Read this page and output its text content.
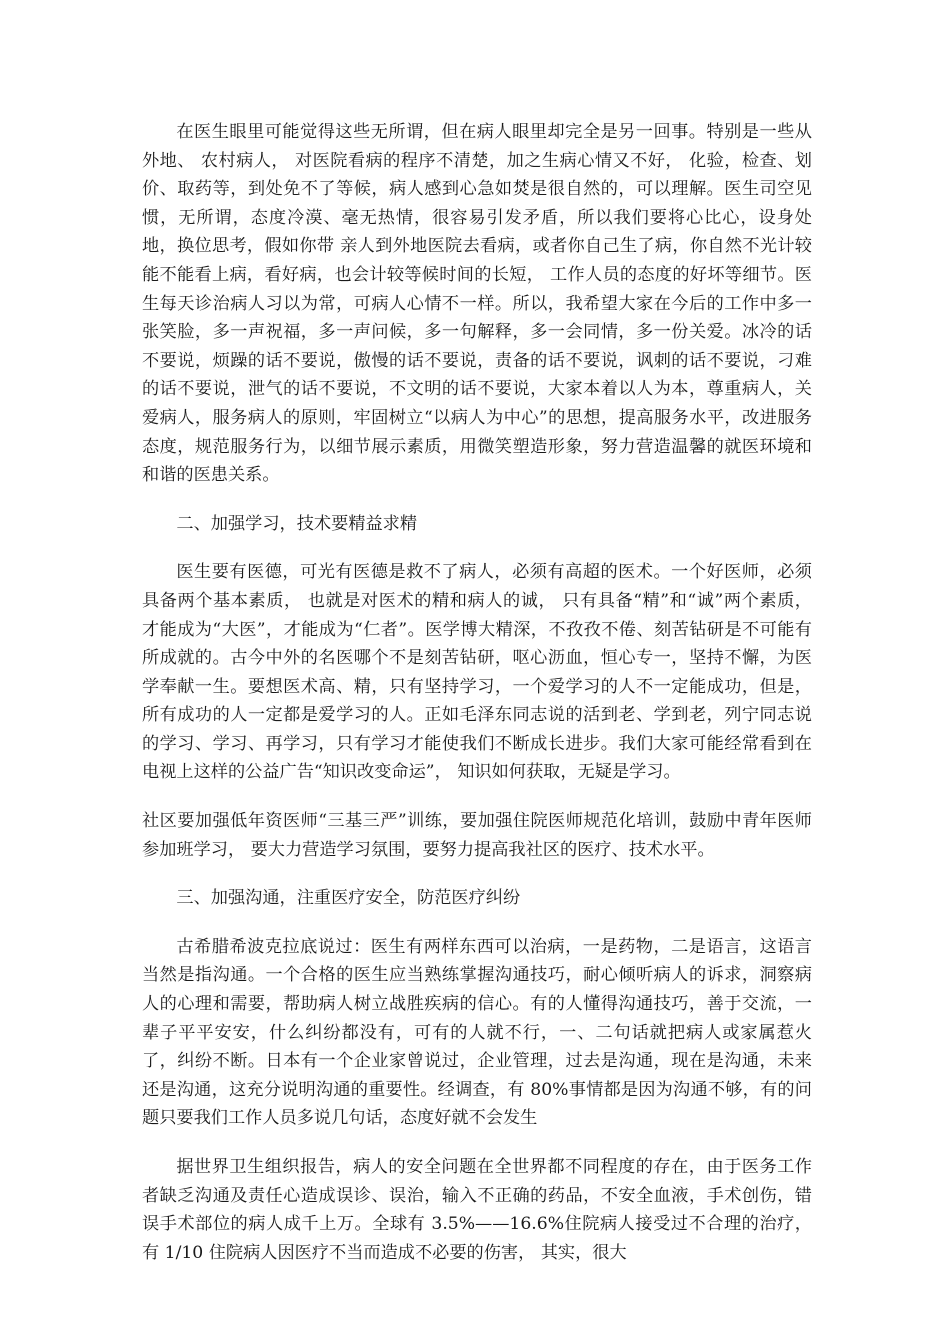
在医生眼里可能觉得这些无所谓，但在病人眼里却完全是另一回事。特别是一些从外地、 农村病人， 对医院看病的程序不清楚，加之生病心情又不好， 化验，检查、划价、取药等，到处免不了等候，病人感到心急如焚是很自然的，可以理解。医生司空见惯，无所谓，态度冷漠、毫无热情，很容易引发矛盾，所以我们要将心比心，设身处地，换位思考，假如你带 亲人到外地医院去看病，或者你自己生了病，你自然不光计较能不能看上病，看好病，也会计较等候时间的长短， 工作人员的态度的好坏等细节。医生每天诊治病人习以为常，可病人心情不一样。所以，我希望大家在今后的工作中多一张笑脸，多一声祝福，多一声问候，多一句解释，多一会同情，多一份关爱。冰冷的话不要说，烦躁的话不要说，傲慢的话不要说，责备的话不要说，讽刺的话不要说，刁难的话不要说，泄气的话不要说，不文明的话不要说，大家本着以人为本，尊重病人，关爱病人，服务病人的原则，牢固树立“以病人为中心”的思想，提高服务水平，改进服务态度，规范服务行为，以细节展示素质，用微笑塑造形象，努力营造温馨的就医环境和和谐的医患关系。

二、加强学习，技术要精益求精

医生要有医德，可光有医德是救不了病人，必须有高超的医术。一个好医师，必须具备两个基本素质， 也就是对医术的精和病人的诚， 只有具备“精”和“诚”两个素质， 才能成为“大医”，才能成为“仁者”。医学博大精深，不孜孜不倦、刻苦钻研是不可能有所成就的。古今中外的名医哪个不是刻苦钻研，呕心沥血，恒心专一，坚持不懈，为医学奉献一生。要想医术高、精，只有坚持学习，一个爱学习的人不一定能成功，但是，所有成功的人一定都是爱学习的人。正如毛泽东同志说的活到老、学到老，列宁同志说的学习、学习、再学习，只有学习才能使我们不断成长进步。我们大家可能经常看到在电视上这样的公益广告“知识改变命运”， 知识如何获取，无疑是学习。

社区要加强低年资医师“三基三严”训练，要加强住院医师规范化培训，鼓励中青年医师参加班学习， 要大力营造学习氛围，要努力提高我社区的医疗、技术水平。

三、加强沟通，注重医疗安全，防范医疗纠纷

古希腊希波克拉底说过：医生有两样东西可以治病，一是药物，二是语言，这语言当然是指沟通。一个合格的医生应当熟练掌握沟通技巧，耐心倾听病人的诉求，洞察病人的心理和需要，帮助病人树立战胜疾病的信心。有的人懂得沟通技巧，善于交流，一辈子平平安安，什么纠纷都没有，可有的人就不行，一、二句话就把病人或家属惹火了，纠纷不断。日本有一个企业家曾说过，企业管理，过去是沟通，现在是沟通，未来还是沟通，这充分说明沟通的重要性。经调查，有 80%事情都是因为沟通不够，有的问题只要我们工作人员多说几句话，态度好就不会发生

据世界卫生组织报告，病人的安全问题在全世界都不同程度的存在，由于医务工作者缺乏沟通及责任心造成误诊、误治，输入不正确的药品，不安全血液，手术创伤，错误手术部位的病人成千上万。全球有 3.5%——16.6%住院病人接受过不合理的治疗，有 1/10 住院病人因医疗不当而造成不必要的伤害， 其实，很大
